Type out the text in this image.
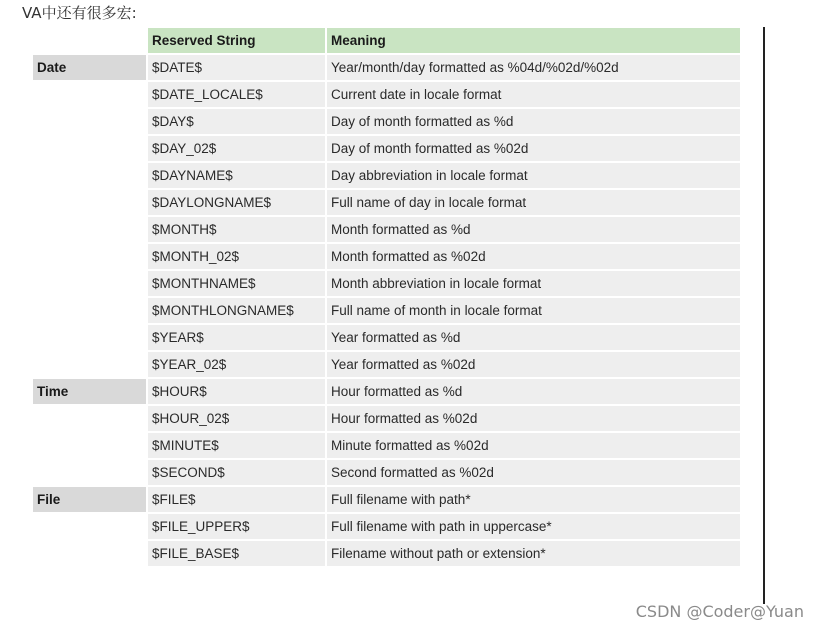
VA中还有很多宏:
	Reserved String	Meaning
Date	$DATE$	Year/month/day formatted as %04d/%02d/%02d
	$DATE_LOCALE$	Current date in locale format
	$DAY$	Day of month formatted as %d
	$DAY_02$	Day of month formatted as %02d
	$DAYNAME$	Day abbreviation in locale format
	$DAYLONGNAME$	Full name of day in locale format
	$MONTH$	Month formatted as %d
	$MONTH_02$	Month formatted as %02d
	$MONTHNAME$	Month abbreviation in locale format
	$MONTHLONGNAME$	Full name of month in locale format
	$YEAR$	Year formatted as %d
	$YEAR_02$	Year formatted as %02d
Time	$HOUR$	Hour formatted as %d
	$HOUR_02$	Hour formatted as %02d
	$MINUTE$	Minute formatted as %02d
	$SECOND$	Second formatted as %02d
File	$FILE$	Full filename with path*
	$FILE_UPPER$	Full filename with path in uppercase*
	$FILE_BASE$	Filename without path or extension*
CSDN @Coder@Yuan
